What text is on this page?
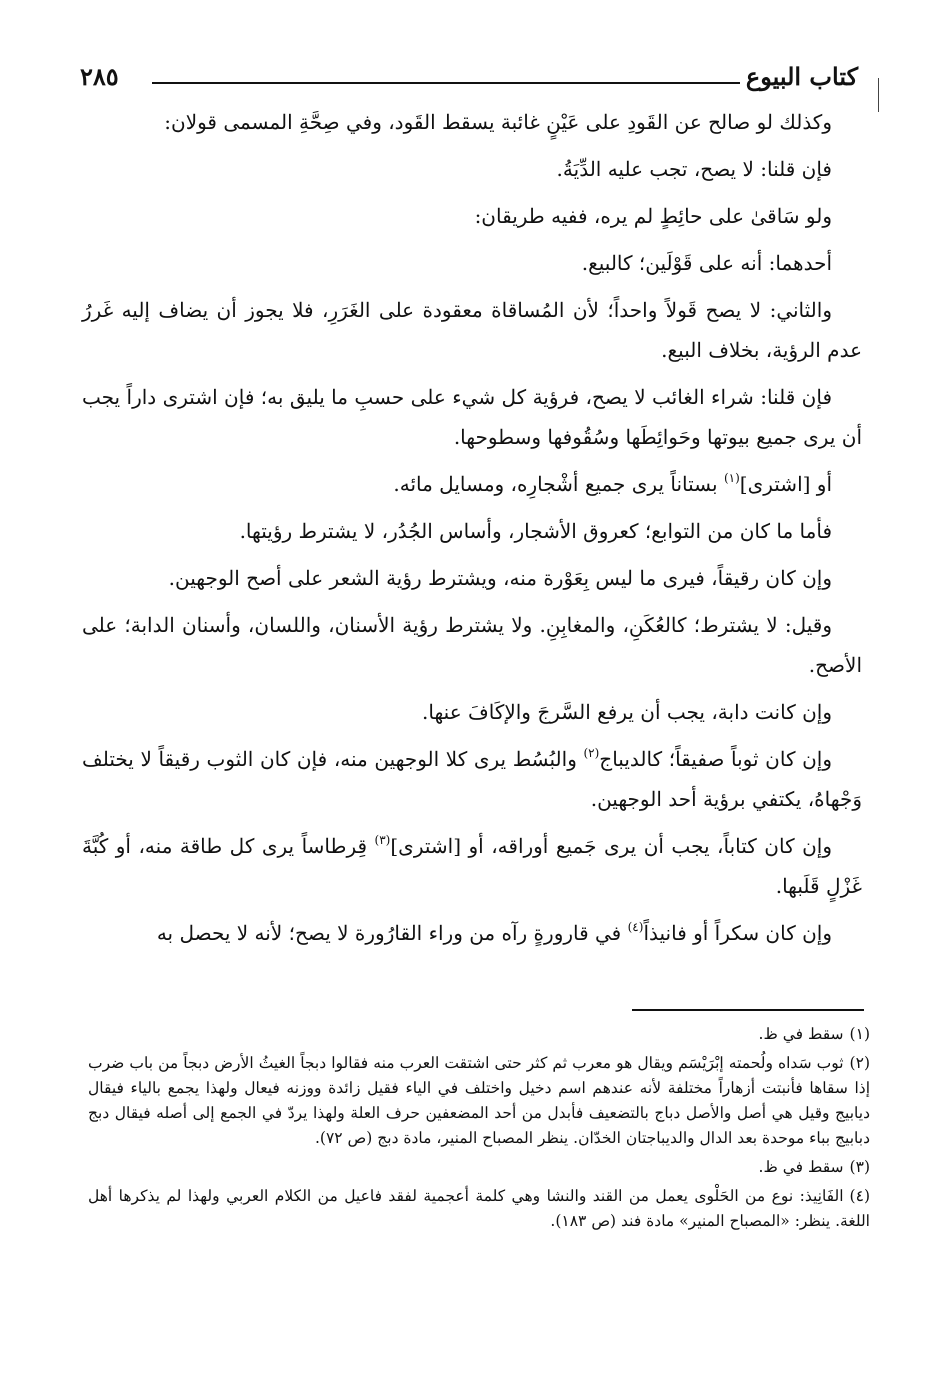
كتاب البيوع
٢٨٥

وكذلك لو صالح عن القَودِ على عَيْنٍ غائبة يسقط القَود، وفي صِحَّةِ المسمى قولان:

فإن قلنا: لا يصح، تجب عليه الدِّيَةُ.

ولو سَاقىٰ على حائِطٍ لم يره، ففيه طريقان:

أحدهما: أنه على قَوْلَين؛ كالبيع.

والثاني: لا يصح قَولاً واحداً؛ لأن المُساقاة معقودة على الغَرَرِ، فلا يجوز أن يضاف إليه غَررُ عدم الرؤية، بخلاف البيع.

فإن قلنا: شراء الغائب لا يصح، فرؤية كل شيء على حسبِ ما يليق به؛ فإن اشترى داراً يجب أن يرى جميع بيوتها وحَوائِطَها وسُقُوفها وسطوحها.

أو [اشترى]$^{(١)}$ بستاناً يرى جميع أشْجارِه، ومسايل مائه.

فأما ما كان من التوابع؛ كعروق الأشجار، وأساس الجُدُر، لا يشترط رؤيتها.

وإن كان رقيقاً، فيرى ما ليس بِعَوْرة منه، ويشترط رؤية الشعر على أصح الوجهين.

وقيل: لا يشترط؛ كالعُكَنِ، والمغابِنِ. ولا يشترط رؤية الأسنان، واللسان، وأسنان الدابة؛ على الأصح.

وإن كانت دابة، يجب أن يرفع السَّرجَ والإكَافَ عنها.

وإن كان ثوباً صفيقاً؛ كالديباج$^{(٢)}$ والبُسُط يرى كلا الوجهين منه، فإن كان الثوب رقيقاً لا يختلف وَجْهاهُ، يكتفي برؤية أحد الوجهين.

وإن كان كتاباً، يجب أن يرى جَميع أوراقه، أو [اشترى]$^{(٣)}$ قِرطاساً يرى كل طاقة منه، أو كُبَّةَ غَزْلٍ قَلَبها.

وإن كان سكراً أو فانيذاً$^{(٤)}$ في قارورةٍ رآه من وراء القارُورة لا يصح؛ لأنه لا يحصل به

(١)سقط في ظ.
(٢)ثوب سَداه ولُحمته إبْرَيْسَم ويقال هو معرب ثم كثر حتى اشتقت العرب منه فقالوا دبجاً الغيثُ الأرض دبجاً من باب ضرب إذا سقاها فأنبتت أزهاراً مختلفة لأنه عندهم اسم دخيل واختلف في الياء فقيل زائدة ووزنه فيعال ولهذا يجمع بالياء فيقال ديابيج وقيل هي أصل والأصل دباج بالتضعيف فأبدل من أحد المضعفين حرف العلة ولهذا يردّ في الجمع إلى أصله فيقال دبج دبابيج بباء موحدة بعد الدال والديباجتان الخدّان. ينظر المصباح المنير، مادة دبج (ص ٧٢).
(٣)سقط في ظ.
(٤)الفَانِيذ: نوع من الحَلْوى يعمل من القند والنشا وهي كلمة أعجمية لفقد فاعيل من الكلام العربي ولهذا لم يذكرها أهل اللغة. ينظر: «المصباح المنير» مادة فند (ص ١٨٣).
